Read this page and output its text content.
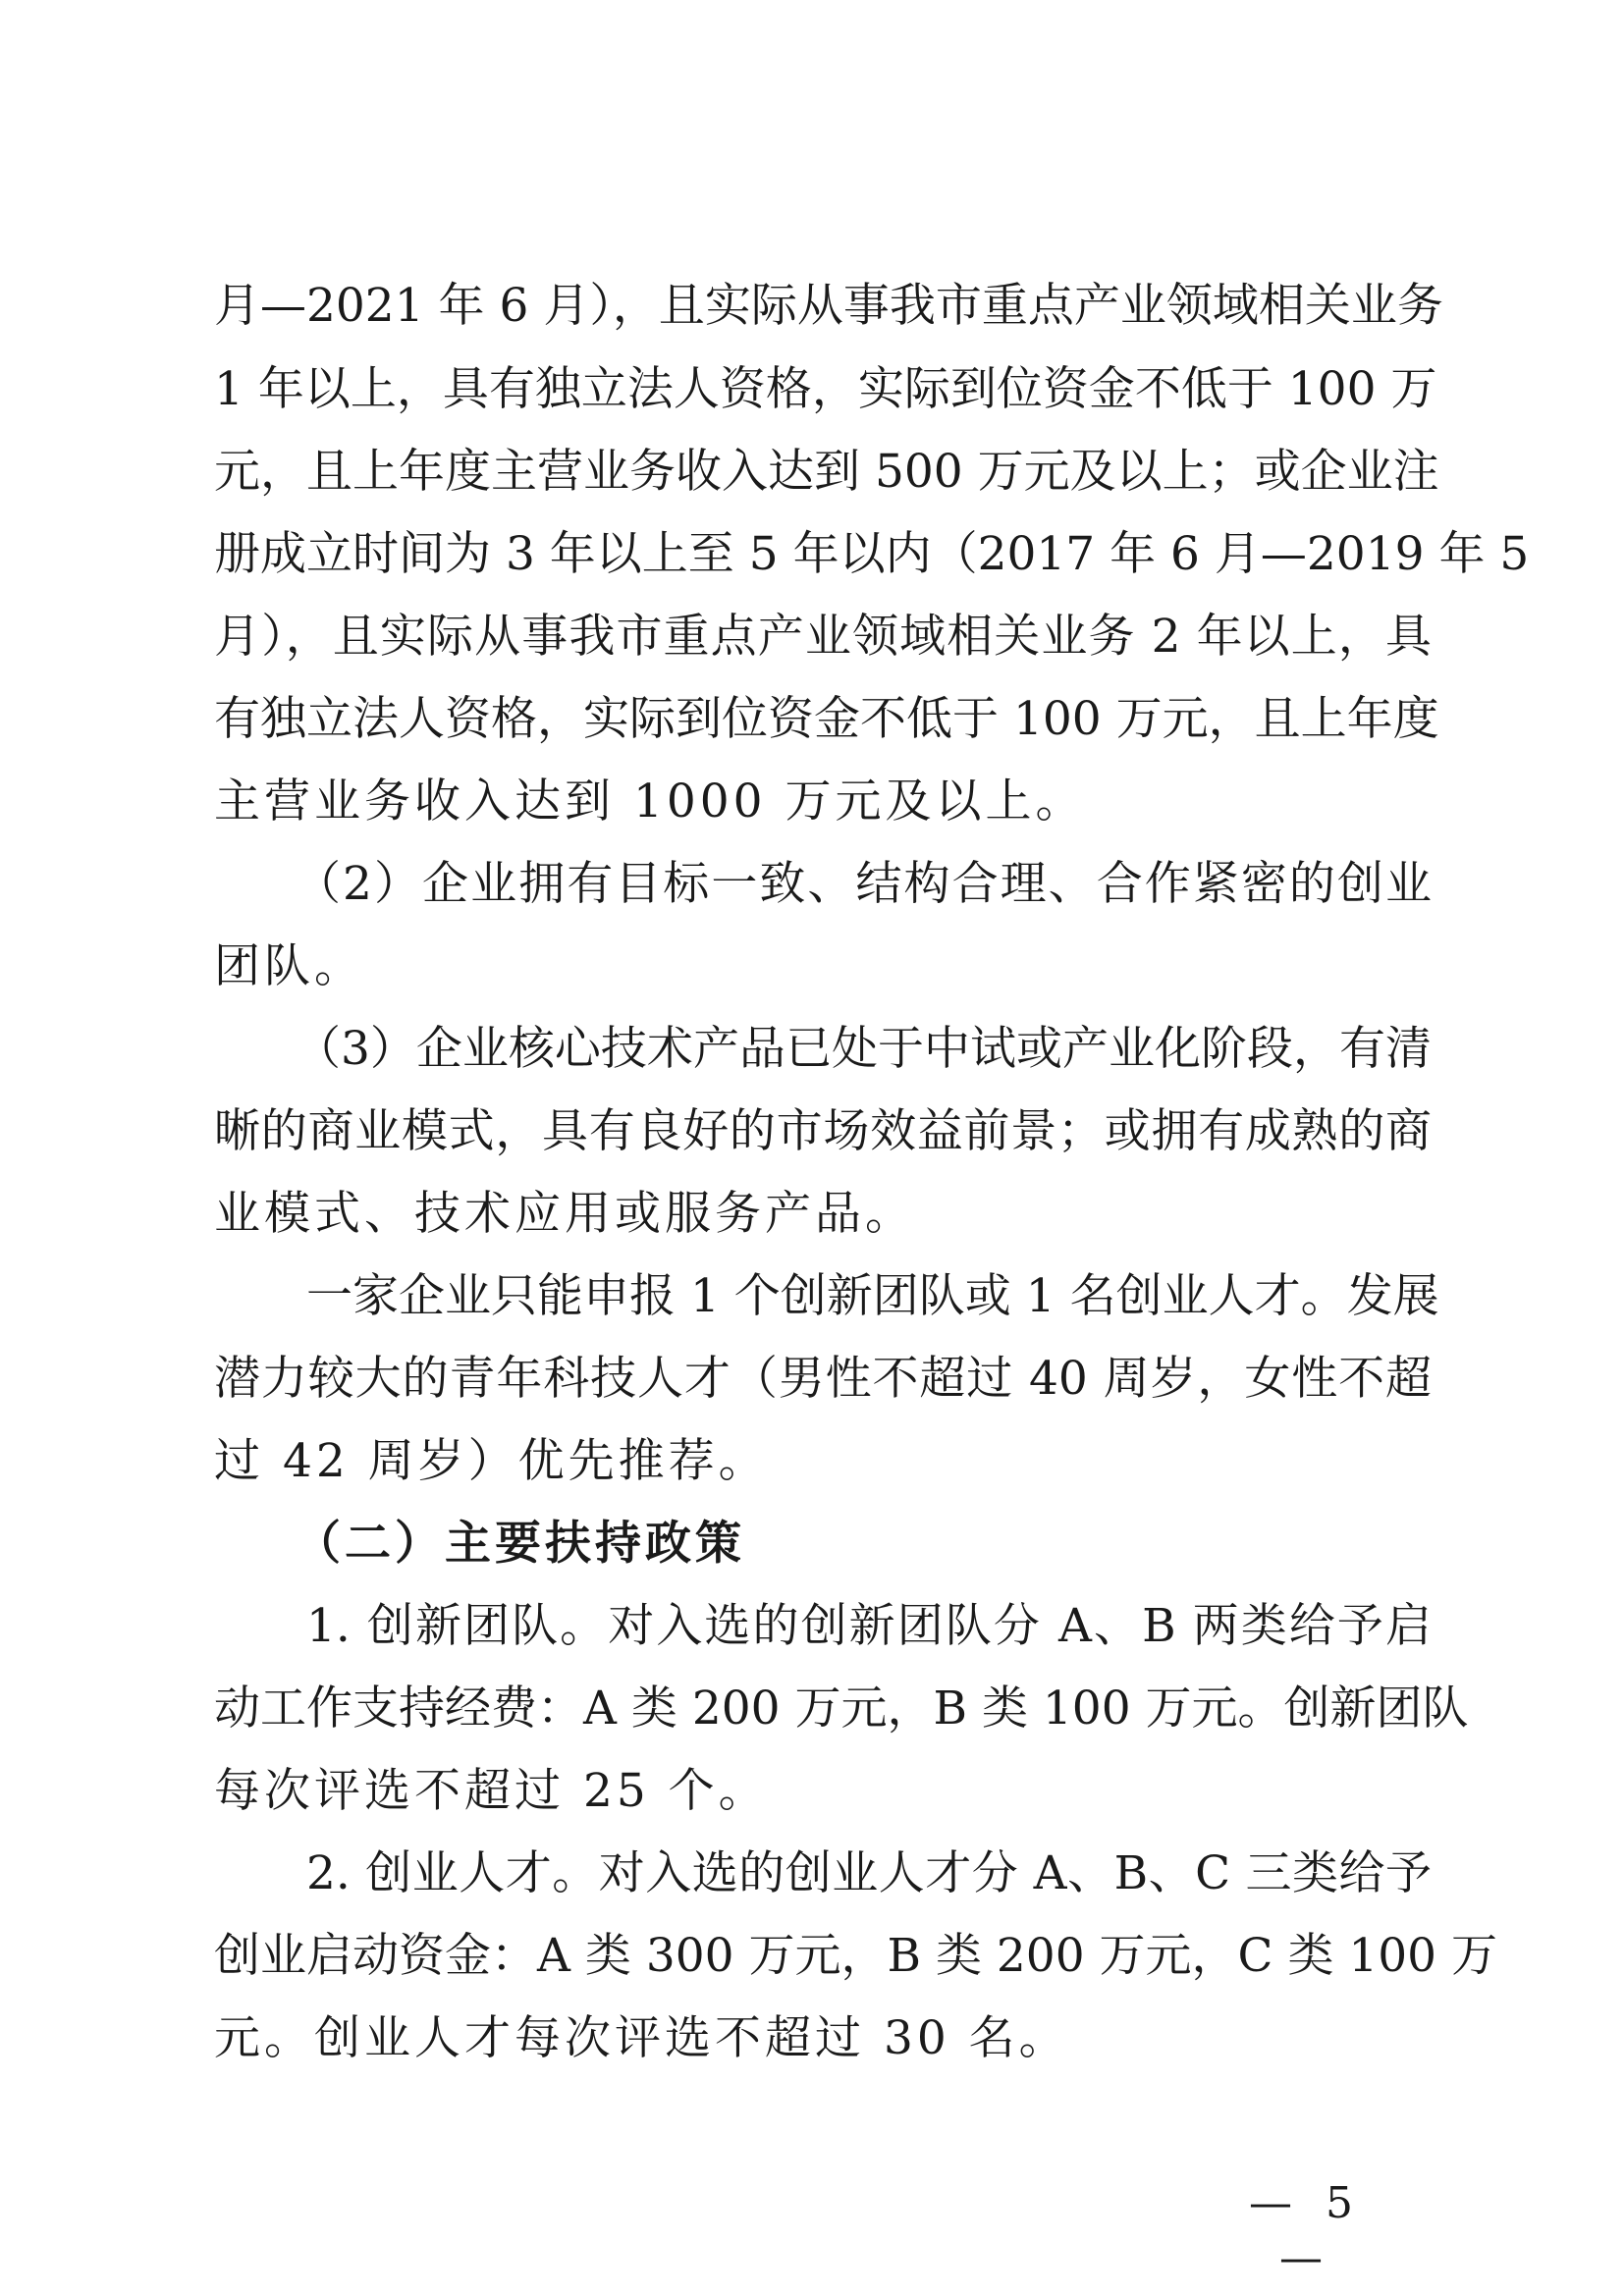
月—2021 年 6 月），且实际从事我市重点产业领域相关业务
1 年以上，具有独立法人资格，实际到位资金不低于 100 万
元，且上年度主营业务收入达到 500 万元及以上；或企业注
册成立时间为 3 年以上至 5 年以内（2017 年 6 月—2019 年 5
月），且实际从事我市重点产业领域相关业务 2 年以上，具
有独立法人资格，实际到位资金不低于 100 万元，且上年度
主营业务收入达到 1000 万元及以上。
（2）企业拥有目标一致、结构合理、合作紧密的创业
团队。
（3）企业核心技术产品已处于中试或产业化阶段，有清
晰的商业模式，具有良好的市场效益前景；或拥有成熟的商
业模式、技术应用或服务产品。
一家企业只能申报 1 个创新团队或 1 名创业人才。发展
潜力较大的青年科技人才（男性不超过 40 周岁，女性不超
过 42 周岁）优先推荐。
（二）主要扶持政策
1. 创新团队。对入选的创新团队分 A、B 两类给予启
动工作支持经费：A 类 200 万元，B 类 100 万元。创新团队
每次评选不超过 25 个。
2. 创业人才。对入选的创业人才分 A、B、C 三类给予
创业启动资金：A 类 300 万元，B 类 200 万元，C 类 100 万
元。创业人才每次评选不超过 30 名。
— 5 —
